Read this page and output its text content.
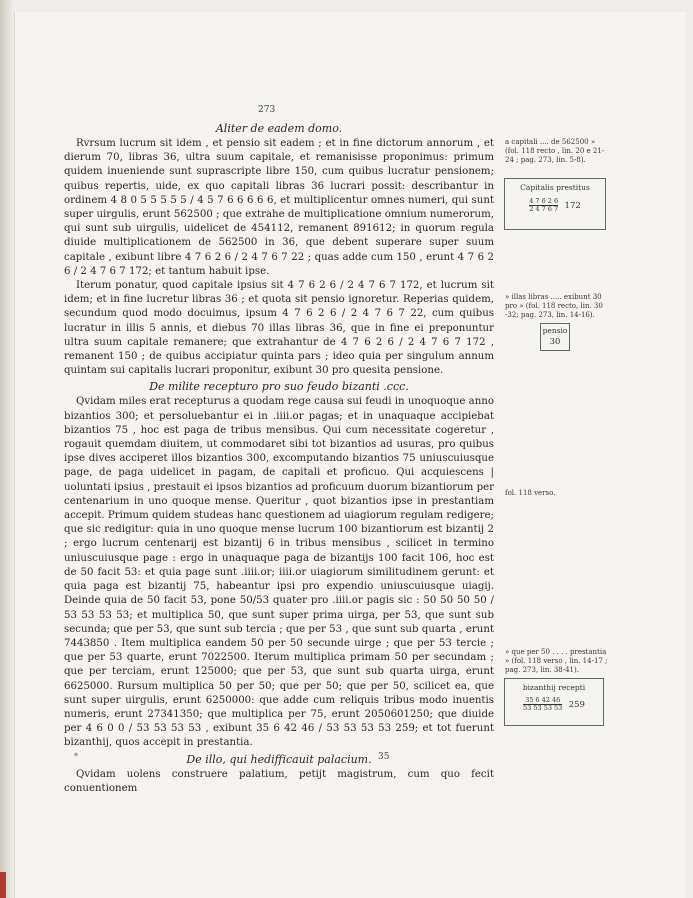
273
Aliter de eadem domo.

Rvrsum lucrum sit idem , et pensio sit eadem ; et in fine dictorum annorum , et dierum 70, libras 36, ultra suum capitale, et remanisisse proponimus: primum quidem inueniende sunt suprascripte libre 150, cum quibus lucratur pensionem; quibus repertis, uide, ex quo capitali libras 36 lucrari possit: describantur in ordinem 4 8 0 5 5 5 5 5 / 4 5 7 6 6 6 6 6, et multiplicentur omnes numeri, qui sunt super uirgulis, erunt 562500 ; que extrahe de multiplicatione omnium numerorum, qui sunt sub uirgulis, uidelicet de 454112, remanent 891612; in quorum regula diuide multiplicationem de 562500 in 36, que debent superare super suum capitale , exibunt libre 4 7 6 2 6 / 2 4 7 6 7 22 ; quas adde cum 150 , erunt 4 7 6 2 6 / 2 4 7 6 7 172; et tantum habuit ipse.

Iterum ponatur, quod capitale ipsius sit 4 7 6 2 6 / 2 4 7 6 7 172, et lucrum sit idem; et in fine lucretur libras 36 ; et quota sit pensio ignoretur. Reperias quidem, secundum quod modo docuimus, ipsum 4 7 6 2 6 / 2 4 7 6 7 22, cum quibus lucratur in illis 5 annis, et diebus 70 illas libras 36, que in fine ei preponuntur ultra suum capitale remanere; que extrahantur de 4 7 6 2 6 / 2 4 7 6 7 172 , remanent 150 ; de quibus accipiatur quinta pars ; ideo quia per singulum annum quintam sui capitalis lucrari proponitur, exibunt 30 pro quesita pensione.

De milite recepturo pro suo feudo bizanti .ccc.

Qvidam miles erat recepturus a quodam rege causa sui feudi in unoquoque anno bizantios 300; et persoluebantur ei in .iiii.or pagas; et in unaquaque accipiebat bizantios 75 , hoc est paga de tribus mensibus. Qui cum necessitate cogeretur , rogauit quemdam diuitem, ut commodaret sibi tot bizantios ad usuras, pro quibus ipse dives acciperet illos bizantios 300, excomputando bizantios 75 uniuscuiusque page, de paga uidelicet in pagam, de capitali et proficuo. Qui acquiescens | uoluntati ipsius , prestauit ei ipsos bizantios ad proficuum duorum bizantiorum per centenarium in uno quoque mense. Queritur , quot bizantios ipse in prestantiam accepit. Primum quidem studeas hanc questionem ad uiagiorum regulam redigere; que sic redigitur: quia in uno quoque mense lucrum 100 bizantiorum est bizantij 2 ; ergo lucrum centenarij est bizantij 6 in tribus mensibus , scilicet in termino uniuscuiusque page : ergo in unaquaque paga de bizantijs 100 facit 106, hoc est de 50 facit 53: et quia page sunt .iiii.or; iiii.or uiagiorum similitudinem gerunt: et quia paga est bizantij 75, habeantur ipsi pro expendio uniuscuiusque uiagij. Deinde quia de 50 facit 53, pone 50/53 quater pro .iiii.or pagis sic : 50 50 50 50 / 53 53 53 53; et multiplica 50, que sunt super prima uirga, per 53, que sunt sub secunda; que per 53, que sunt sub tercia ; que per 53 , que sunt sub quarta , erunt 7443850 . Item multiplica eandem 50 per 50 secunde uirge ; que per 53 tercie ; que per 53 quarte, erunt 7022500. Iterum multiplica primam 50 per secundam ; que per terciam, erunt 125000; que per 53, que sunt sub quarta uirga, erunt 6625000. Rursum multiplica 50 per 50; que per 50; que per 50, scilicet ea, que sunt super uirgulis, erunt 6250000: que adde cum reliquis tribus modo inuentis numeris, erunt 27341350; que multiplica per 75, erunt 2050601250; que diuide per 4 6 0 0 / 53 53 53 53 , exibunt 35 6 42 46 / 53 53 53 53 259; et tot fuerunt bizanthij, quos accepit in prestantia.

De illo, qui hedifficauit palacium.

Qvidam uolens construere palatium, petijt magistrum, cum quo fecit conuentionem

a capitali .... de 562500 » (fol. 118 recto , lin. 20 e 21-24 ; pag. 273, lin. 5-8).
Capitalis prestitus
$\frac{4 7 6 2 6}{2 4 7 6 7} 172$
» illas libras ..... exibunt 30 pro » (fol. 118 recto, lin. 30 -32; pag. 273, lin. 14-16).
pensio
30
fol. 118 verso.
» que per 50 . . . . prestantia » (fol. 118 verso , lin. 14-17 ; pag. 273, lin. 38-41).
bizanthij recepti
$\frac{35 6 42 46}{53 53 53 53} 259$
*	35
